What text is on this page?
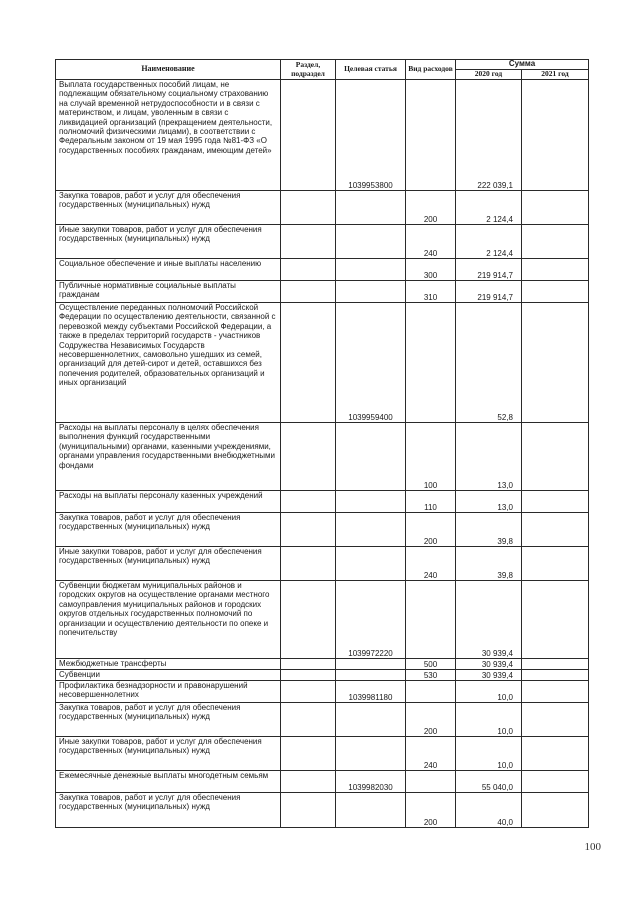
Наименование	Раздел, подраздел	Целевая статья	Вид расходов	Сумма	
				2020 год	2021 год
Выплата государственных пособий лицам, не подлежащим обязательному социальному страхованию на случай временной нетрудоспособности и в связи с материнством, и лицам, уволенным в связи с ликвидацией организаций (прекращением деятельности, полномочий физическими лицами), в соответствии с Федеральным законом от 19 мая 1995 года №81-ФЗ «О государственных пособиях гражданам, имеющим детей»		1039953800		222 039,1	
Закупка товаров, работ и услуг для обеспечения государственных (муниципальных) нужд			200	2 124,4	
Иные закупки товаров, работ и услуг для обеспечения государственных (муниципальных) нужд			240	2 124,4	
Социальное обеспечение и иные выплаты населению			300	219 914,7	
Публичные нормативные социальные выплаты гражданам			310	219 914,7	
Осуществление переданных полномочий Российской Федерации по осуществлению деятельности, связанной с перевозкой между субъектами Российской Федерации, а также в пределах территорий государств - участников Содружества Независимых Государств несовершеннолетних, самовольно ушедших из семей, организаций для детей-сирот и детей, оставшихся без попечения родителей, образовательных организаций и иных организаций		1039959400		52,8	
Расходы на выплаты персоналу в целях обеспечения выполнения функций государственными (муниципальными) органами, казенными учреждениями, органами управления государственными внебюджетными фондами			100	13,0	
Расходы на выплаты персоналу казенных учреждений			110	13,0	
Закупка товаров, работ и услуг для обеспечения государственных (муниципальных) нужд			200	39,8	
Иные закупки товаров, работ и услуг для обеспечения государственных (муниципальных) нужд			240	39,8	
Субвенции бюджетам муниципальных районов и городских округов на осуществление органами местного самоуправления муниципальных районов и городских округов отдельных государственных полномочий по организации и осуществлению деятельности по опеке и попечительству		1039972220		30 939,4	
Межбюджетные трансферты			500	30 939,4	
Субвенции			530	30 939,4	
Профилактика безнадзорности и правонарушений несовершеннолетних		1039981180		10,0	
Закупка товаров, работ и услуг для обеспечения государственных (муниципальных) нужд			200	10,0	
Иные закупки товаров, работ и услуг для обеспечения государственных (муниципальных) нужд			240	10,0	
Ежемесячные денежные выплаты многодетным семьям		1039982030		55 040,0	
Закупка товаров, работ и услуг для обеспечения государственных (муниципальных) нужд			200	40,0	
100
